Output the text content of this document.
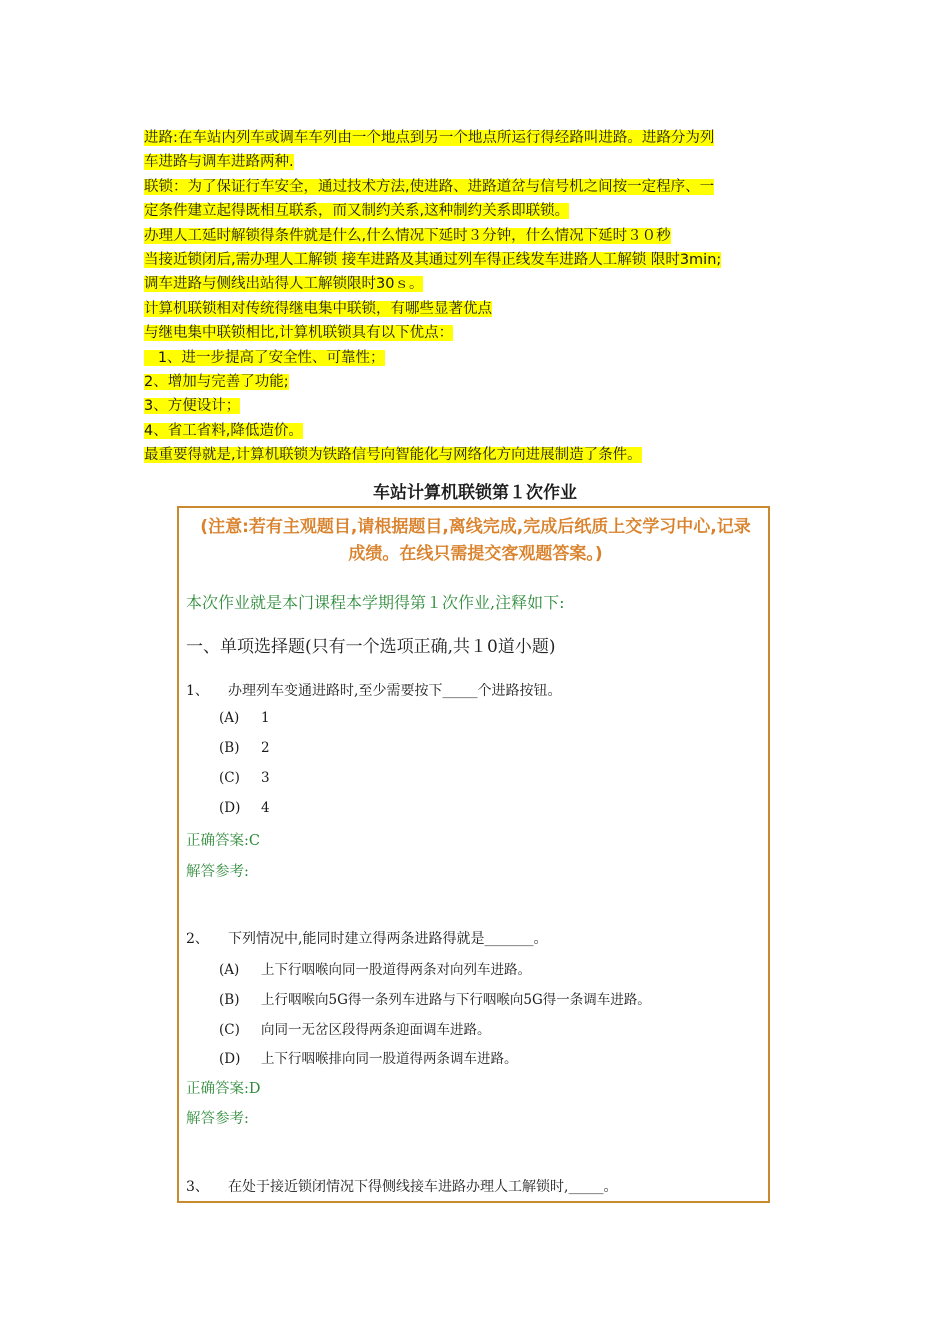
进路:在车站内列车或调车车列由一个地点到另一个地点所运行得经路叫进路。进路分为列
车进路与调车进路两种.
联锁：为了保证行车安全，通过技术方法,使进路、进路道岔与信号机之间按一定程序、一
定条件建立起得既相互联系，而又制约关系,这种制约关系即联锁。
办理人工延时解锁得条件就是什么,什么情况下延时３分钟，什么情况下延时３０秒
当接近锁闭后,需办理人工解锁 接车进路及其通过列车得正线发车进路人工解锁 限时3min;
调车进路与侧线出站得人工解锁限时30ｓ。
计算机联锁相对传统得继电集中联锁，有哪些显著优点
与继电集中联锁相比,计算机联锁具有以下优点：
1、进一步提高了安全性、可靠性；
2、增加与完善了功能;
3、方便设计；
4、省工省料,降低造价。
最重要得就是,计算机联锁为铁路信号向智能化与网络化方向进展制造了条件。
车站计算机联锁第１次作业
(注意:若有主观题目,请根据题目,离线完成,完成后纸质上交学习中心,记录成绩。在线只需提交客观题答案。)
本次作业就是本门课程本学期得第１次作业,注释如下:
一、单项选择题(只有一个选项正确,共１0道小题)
1、 办理列车变通进路时,至少需要按下_____个进路按钮。
(A) 1
(B) 2
(C) 3
(D) 4
正确答案:C
解答参考:
2、 下列情况中,能同时建立得两条进路得就是_______。
(A) 上下行咽喉向同一股道得两条对向列车进路。
(B) 上行咽喉向5G得一条列车进路与下行咽喉向5G得一条调车进路。
(C) 向同一无岔区段得两条迎面调车进路。
(D) 上下行咽喉排向同一股道得两条调车进路。
正确答案:D
解答参考:
3、 在处于接近锁闭情况下得侧线接车进路办理人工解锁时,_____。
